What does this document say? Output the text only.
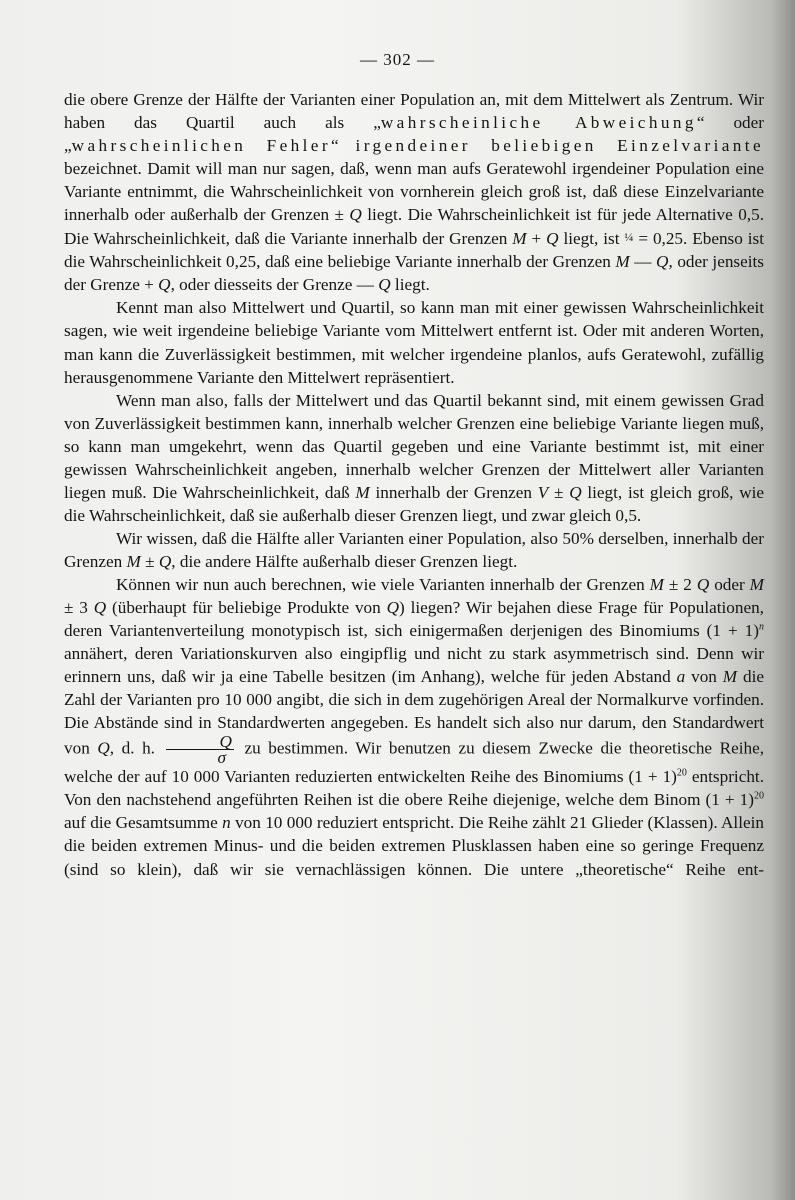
— 302 —

die obere Grenze der Hälfte der Varianten einer Population an, mit dem Mittelwert als Zentrum. Wir haben das Quartil auch als „wahrscheinliche Abweichung“ oder „wahrscheinlichen Fehler“ irgendeiner beliebigen Einzelvariante bezeichnet. Damit will man nur sagen, daß, wenn man aufs Geratewohl irgendeiner Population eine Variante entnimmt, die Wahrscheinlichkeit von vornherein gleich groß ist, daß diese Einzelvariante innerhalb oder außerhalb der Grenzen ± Q liegt. Die Wahrscheinlichkeit ist für jede Alternative 0,5. Die Wahrscheinlichkeit, daß die Variante innerhalb der Grenzen M + Q liegt, ist ¼ = 0,25. Ebenso ist die Wahrscheinlichkeit 0,25, daß eine beliebige Variante innerhalb der Grenzen M — Q, oder jenseits der Grenze + Q, oder diesseits der Grenze — Q liegt.

Kennt man also Mittelwert und Quartil, so kann man mit einer gewissen Wahrscheinlichkeit sagen, wie weit irgendeine beliebige Variante vom Mittelwert entfernt ist. Oder mit anderen Worten, man kann die Zuverlässigkeit bestimmen, mit welcher irgendeine planlos, aufs Geratewohl, zufällig herausgenommene Variante den Mittelwert repräsentiert.

Wenn man also, falls der Mittelwert und das Quartil bekannt sind, mit einem gewissen Grad von Zuverlässigkeit bestimmen kann, innerhalb welcher Grenzen eine beliebige Variante liegen muß, so kann man umgekehrt, wenn das Quartil gegeben und eine Variante bestimmt ist, mit einer gewissen Wahrscheinlichkeit angeben, innerhalb welcher Grenzen der Mittelwert aller Varianten liegen muß. Die Wahrscheinlichkeit, daß M innerhalb der Grenzen V ± Q liegt, ist gleich groß, wie die Wahrscheinlichkeit, daß sie außerhalb dieser Grenzen liegt, und zwar gleich 0,5.

Wir wissen, daß die Hälfte aller Varianten einer Population, also 50% derselben, innerhalb der Grenzen M ± Q, die andere Hälfte außerhalb dieser Grenzen liegt.

Können wir nun auch berechnen, wie viele Varianten innerhalb der Grenzen M ± 2 Q oder M ± 3 Q (überhaupt für beliebige Produkte von Q) liegen? Wir bejahen diese Frage für Populationen, deren Variantenverteilung monotypisch ist, sich einigermaßen derjenigen des Binomiums $(1 + 1)^n$ annähert, deren Variationskurven also eingipflig und nicht zu stark asymmetrisch sind. Denn wir erinnern uns, daß wir ja eine Tabelle besitzen (im Anhang), welche für jeden Abstand a von M die Zahl der Varianten pro 10 000 angibt, die sich in dem zugehörigen Areal der Normalkurve vorfinden. Die Abstände sind in Standardwerten angegeben. Es handelt sich also nur darum, den Standardwert von Q, d. h. $\frac{Q}{\sigma}$ zu bestimmen. Wir benutzen zu diesem Zwecke die theoretische Reihe, welche der auf 10 000 Varianten reduzierten entwickelten Reihe des Binomiums $(1 + 1)^{20}$ entspricht. Von den nachstehend angeführten Reihen ist die obere Reihe diejenige, welche dem Binom $(1 + 1)^{20}$ auf die Gesamtsumme n von 10 000 reduziert entspricht. Die Reihe zählt 21 Glieder (Klassen). Allein die beiden extremen Minus- und die beiden extremen Plusklassen haben eine so geringe Frequenz (sind so klein), daß wir sie vernachlässigen können. Die untere „theoretische“ Reihe ent-
